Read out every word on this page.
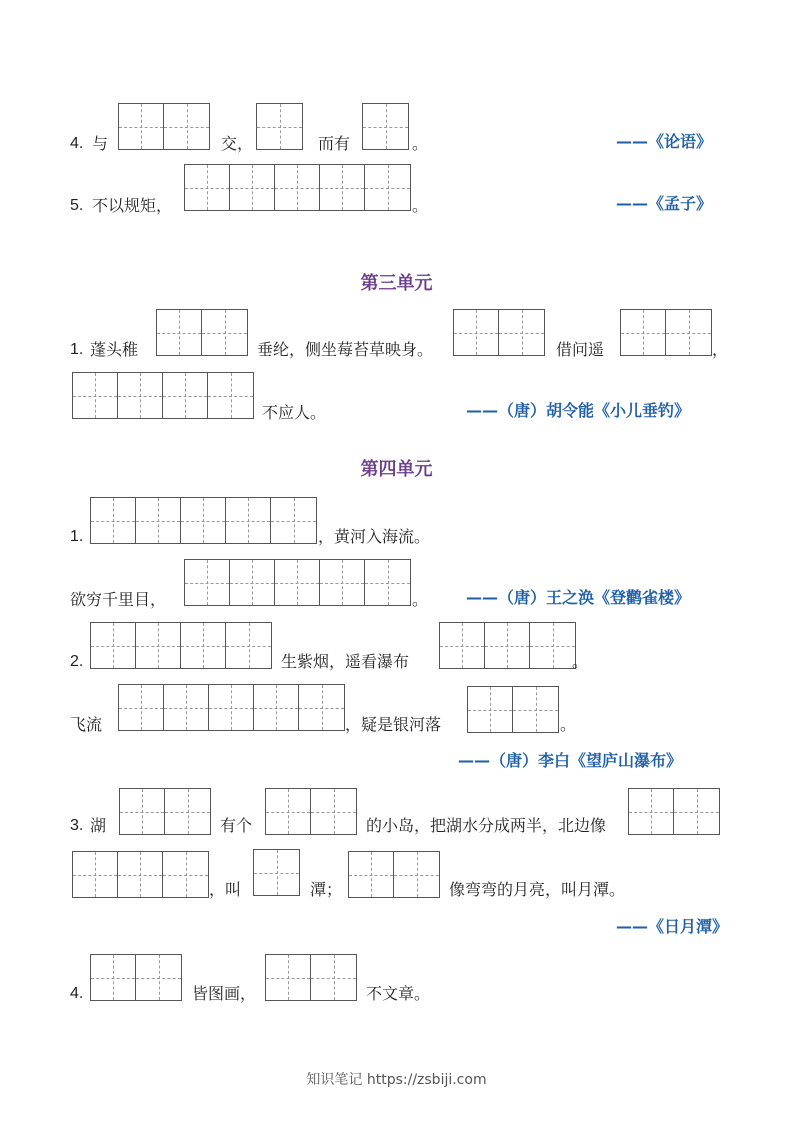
4. 与	交，	而有	。	——《论语》
5. 不以规矩，	。	——《孟子》
第三单元
1. 蓬头稚	垂纶，侧坐莓苔草映身。	借问遥	，
不应人。	——（唐）胡令能《小儿垂钓》
第四单元
1.	，黄河入海流。
欲穷千里目，	。 ——（唐）王之涣《登鹳雀楼》
2.	生紫烟，遥看瀑布	。
飞流	，疑是银河落	。
——（唐）李白《望庐山瀑布》
3. 湖	有个	的小岛，把湖水分成两半，北边像
，叫	潭；	像弯弯的月亮，叫月潭。
——《日月潭》
4.	皆图画，	不文章。
知识笔记 https://zsbiji.com
